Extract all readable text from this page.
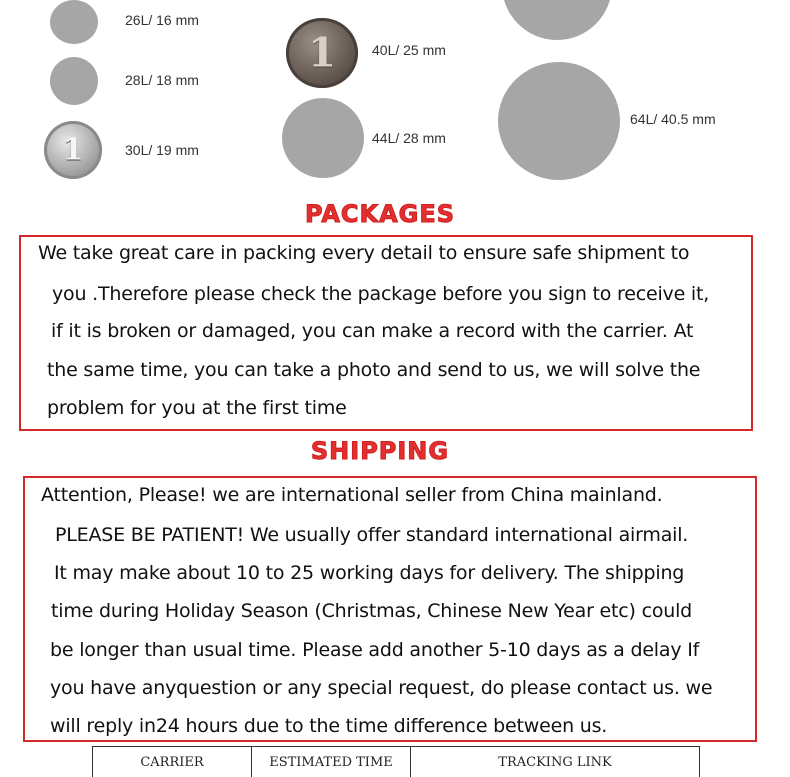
26L/ 16 mm
28L/ 18 mm
1	30L/ 19 mm
1	40L/ 25 mm
44L/ 28 mm
64L/ 40.5 mm
PACKAGES
We take great care in packing every detail to ensure safe shipment to
you .Therefore please check the package before you sign to receive it,
if it is broken or damaged, you can make a record with the carrier. At
the same time, you can take a photo and send to us, we will solve the
problem for you at the first time
SHIPPING
Attention, Please! we are international seller from China mainland.
PLEASE BE PATIENT! We usually offer standard international airmail.
It may make about 10 to 25 working days for delivery. The shipping
time during Holiday Season (Christmas, Chinese New Year etc) could
be longer than usual time. Please add another 5-10 days as a delay If
you have anyquestion or any special request, do please contact us. we
will reply in24 hours due to the time difference between us.
CARRIER	ESTIMATED TIME	TRACKING LINK
